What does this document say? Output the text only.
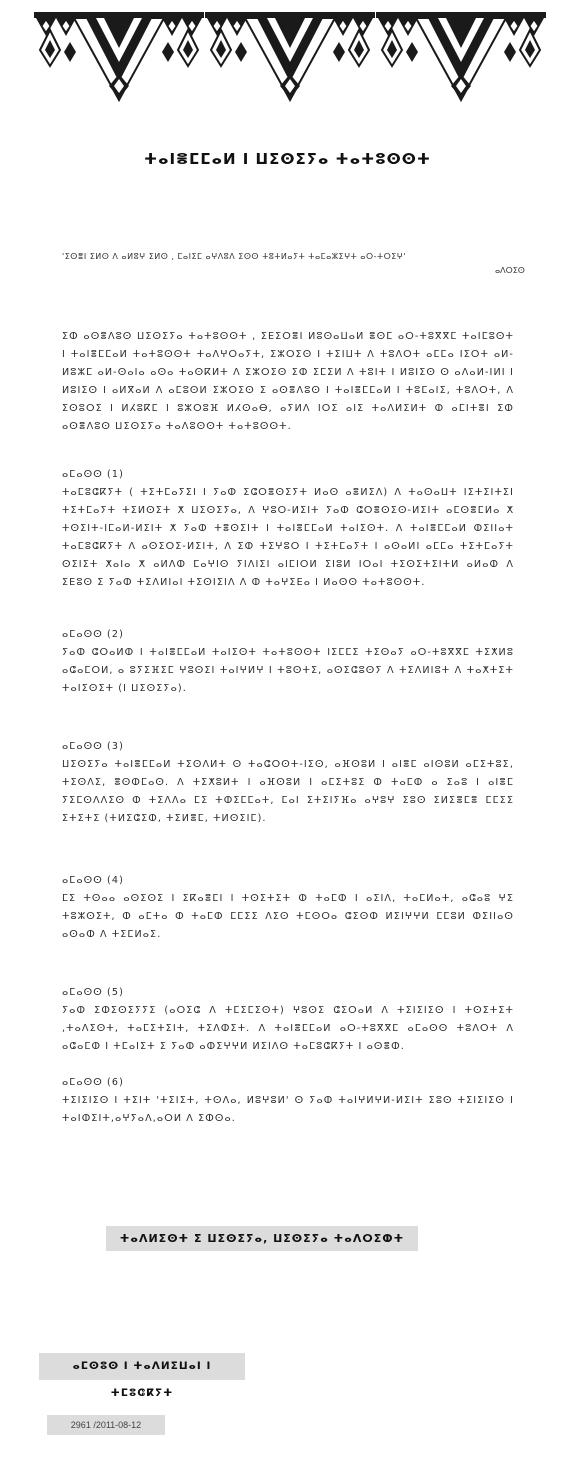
ⵜⴰⵏⴻⵎⵎⴰⵍ ⵏ ⵡⵉⵙⵉⵢⴰ ⵜⴰⵜⵓⵙⵙⵜ
'ⵉⵙⴻⵏ ⵉⵍⵙ ⴷ ⴰⵍⵓⵖ ⵉⵍⵙ , ⵎⴰⵏⵉⵎ ⴰⵖⴷⵓⴷ ⵉⵙⵙ ⵜⵓⵜⵍⴰⵢⵜ ⵜⴰⵎⴰⵣⵉⵖⵜ ⴰⵔ-ⵜⵔⵉⵖ'
ⴰⴷⵔⵉⵙ
ⵉⵀ ⴰⵙⴻⴷⵓⵙ ⵡⵉⵙⵉⵢⴰ ⵜⴰⵜⵓⵙⵙⵜ , ⵉⴹⵉⵔⴻⵏ ⵍⵓⵙⴰⵡⴰⵍ ⴻⵙⵎ ⴰⵔ-ⵜⵓⴳⴳⵎ ⵜⴰⵏⵎⵓⵙⵜ ⵏ ⵜⴰⵏⴻⵎⵎⴰⵍ ⵜⴰⵜⵓⵙⵙⵜ ⵜⴰⴷⵖⵔⴰⵢⵜ, ⵉⵣⵔⵉⵙ ⵏ ⵜⵉⵏⵡⵜ ⴷ ⵜⵓⴷⵔⵜ ⴰⵎⵎⴰ ⵏⵉⵔⵜ ⴰⵍ-ⵍⵓⵣⵎ ⴰⵍ-ⵙⴰⵏⴰ ⴰⵙⴰ ⵜⴰⵙⴽⵍⵜ ⴷ ⵉⵣⵔⵉⵙ ⵉⵀ ⵉⵎⵉⵍ ⴷ ⵜⵓⵏⵜ ⵏ ⵍⵓⵏⵉⵙ ⵙ ⴰⴷⴰⵍ-ⵏⵍⵏ ⵏ ⵍⵓⵏⵉⵙ ⵏ ⴰⵍⴳⴰⵍ ⴷ ⴰⵎⵓⵙⵍ ⵉⵣⵔⵉⵙ ⵉ ⴰⵙⴻⴷⵓⵙ ⵏ ⵜⴰⵏⴻⵎⵎⴰⵍ ⵏ ⵜⵓⵎⴰⵏⵉ, ⵜⵓⴷⵔⵜ, ⴷ ⵉⵙⵓⵔⵉ ⵏ ⵍⵃⵓⴽⵎ ⵏ ⵓⵣⵔⵓⴼ ⵍⵃⵙⴰⴱ, ⴰⵢⵍⴷ ⵏⵔⵉ ⴰⵏⵉ ⵜⴰⴷⵍⵉⵍⵜ ⵀ ⴰⵎⵏⵜⴻⵏ ⵉⵀ ⴰⵙⴻⴷⵓⵙ ⵡⵉⵙⵉⵢⴰ ⵜⴰⴷⵓⵙⵙⵜ ⵜⴰⵜⵓⵙⵙⵜ.
ⴰⵎⴰⵙⵙ (1)
ⵜⴰⵎⵓⵛⴽⵢⵜ ( ⵜⵉⵜⵎⴰⵢⵉⵏ ⵏ ⵢⴰⵀ ⵉⵛⵔⴻⵙⵉⵢⵜ ⵍⴰⵙ ⴰⴻⵍⵉⴷ) ⴷ ⵜⴰⵙⴰⵡⵜ ⵏⵉⵜⵉⵏⵜⵉⵏ ⵜⵉⵜⵎⴰⵢⵜ ⵜⵉⵍⵙⵉⵜ ⵅ ⵡⵉⵙⵉⵢⴰ, ⴷ ⵖⵓⵔ-ⵍⵉⵏⵜ ⵢⴰⵀ ⵛⵔⴻⵙⵉⵙ-ⵍⵉⵏⵜ ⴰⵎⵙⴻⵎⵍⴰ ⵅ ⵜⵙⵉⵏⵜ-ⵏⵎⴰⵍ-ⵍⵉⵏⵜ ⵅ ⵢⴰⵀ ⵜⴻⵙⵉⵏⵜ ⵏ ⵜⴰⵏⴻⵎⵎⴰⵍ ⵜⴰⵏⵉⵙⵜ. ⴷ ⵜⴰⵏⴻⵎⵎⴰⵍ ⵀⵉⵏⵏⴰⵜ ⵜⴰⵎⵓⵛⴽⵢⵜ ⴷ ⴰⵙⵉⵔⵉ-ⵍⵉⵏⵜ, ⴷ ⵉⵀ ⵜⵉⵖⵓⵔ ⵏ ⵜⵉⵜⵎⴰⵢⵜ ⵏ ⴰⵙⴰⵍⵏ ⴰⵎⵎⴰ ⵜⵉⵜⵎⴰⵢⵜ ⵙⵉⵏⵉⵜ ⵅⴰⵏⴰ ⵅ ⴰⵍⴷⵀ ⵎⴰⵖⵏⵙ ⵢⵏⴷⵏⵉⵏ ⴰⵏⵎⵏⵔⵍ ⵉⵏⵓⵍ ⵏⵔⴰⵏ ⵜⵉⵙⵉⵜⵉⵏⵜⵍ ⴰⵍⴰⵀ ⴷ ⵉⴹⵓⵙ ⵉ ⵢⴰⵀ ⵜⵉⴷⵍⵏⴰⵏ ⵜⵉⵙⵏⵉⵏⴷ ⴷ ⵀ ⵜⴰⵖⵉⴹⴰ ⵏ ⵍⴰⵙⵙ ⵜⴰⵜⵓⵙⵙⵜ.
ⴰⵎⴰⵙⵙ (2)
ⵢⴰⵀ ⵛⵔⴰⵍⵀ ⵏ ⵜⴰⵏⴻⵎⵎⴰⵍ ⵜⴰⵏⵉⵙⵜ ⵜⴰⵜⵓⵙⵙⵜ ⵏⵉⵎⵎⵉ ⵜⵉⵙⴰⵢ ⴰⵔ-ⵜⵓⴳⴳⵎ ⵜⵉⵅⵍⵓ ⴰⵛⴰⵎⵔⵍ, ⴰ ⵓⵢⵉⴼⵉⵎ ⵖⵓⵙⵉⵏ ⵜⴰⵏⵖⵍⵖ ⵏ ⵜⵓⵙⵜⵉ, ⴰⵙⵉⵛⵓⵙⵢ ⴷ ⵜⵉⴷⵍⵏⵓⵜ ⴷ ⵜⴰⵅⵜⵉⵜ ⵜⴰⵏⵉⵙⵉⵜ (ⵏ ⵡⵉⵙⵉⵢⴰ).
ⴰⵎⴰⵙⵙ (3)
ⵡⵉⵙⵉⵢⴰ ⵜⴰⵏⴻⵎⵎⴰⵍ ⵜⵉⵙⴷⵍⵜ ⵙ ⵜⴰⵛⵔⵙⵜ-ⵏⵉⵙ, ⴰⴼⵙⵓⵍ ⵏ ⴰⵏⴻⵎ ⴰⵏⵙⵓⵍ ⴰⵎⵉⵜⵓⵉ, ⵜⵉⵙⴷⵉ, ⴻⵙⵀⵎⴰⵙ. ⴷ ⵜⵉⵅⵓⵍⵜ ⵏ ⴰⴼⵙⵓⵍ ⵏ ⴰⵎⵉⵜⵓⵉ ⵀ ⵜⴰⵎⵀ ⴰ ⵉⴰⵓ ⵏ ⴰⵏⴻⵎ ⵢⵉⵎⵙⴷⴷⵉⵙ ⵀ ⵜⵉⴷⴷⴰ ⵎⵉ ⵜⵀⵉⵎⵎⴰⵜ, ⵎⴰⵏ ⵉⵜⵉⵏⵢⴼⴰ ⴰⵖⵓⵖ ⵉⵓⵙ ⵉⵍⵉⴻⵎⴻ ⵎⵎⵉⵉ ⵉⵜⵉⵜⵉ (ⵜⵍⵉⵛⵉⵀ, ⵜⵉⵍⴻⵎ, ⵜⵍⵙⵉⵏⵎ).
ⴰⵎⴰⵙⵙ (4)
ⵎⵉ ⵜⵙⴰⴰ ⴰⵙⵉⵙⵉ ⵏ ⵉⴽⴰⴻⵎⵏ ⵏ ⵜⵙⵉⵜⵉⵜ ⵀ ⵜⴰⵎⵀ ⵏ ⴰⵉⵏⴷ, ⵜⴰⵎⵍⴰⵜ, ⴰⵛⴰⵓ ⵖⵉ ⵜⵓⵣⵙⵉⵜ, ⵀ ⴰⵎⵜⴰ ⵀ ⵜⴰⵎⵀ ⵎⵎⵉⵉ ⴷⵉⵙ ⵜⵎⵙⵔⴰ ⵛⵉⵙⵀ ⵍⵉⵏⵖⵖⵍ ⵎⵎⵓⵍ ⵀⵉⵏⵏⴰⵙ ⴰⵙⴰⵀ ⴷ ⵜⵉⵎⵍⴰⵉ.
ⴰⵎⴰⵙⵙ (5)
ⵢⴰⵀ ⵉⵀⵉⵙⵉⵢⵢⵉ (ⴰⵔⵉⵛ ⴷ ⵜⵎⵉⵎⵉⵙⵜ) ⵖⵓⵙⵉ ⵛⵉⵔⴰⵍ ⴷ ⵜⵉⵏⵉⵏⵉⵙ ⵏ ⵜⵙⵉⵜⵉⵜ ,ⵜⴰⴷⵉⵙⵜ, ⵜⴰⵎⵉⵜⵉⵏⵜ, ⵜⵉⴷⵀⵉⵜ. ⴷ ⵜⴰⵏⴻⵎⵎⴰⵍ ⴰⵔ-ⵜⵓⴳⴳⵎ ⴰⵎⴰⵙⵙ ⵜⵓⴷⵔⵜ ⴷ ⴰⵛⴰⵎⵀ ⵏ ⵜⵎⴰⵏⵉⵜ ⵉ ⵢⴰⵀ ⴰⵀⵉⵖⵖⵍ ⵍⵉⵏⴷⵙ ⵜⴰⵎⵓⵛⴽⵢⵜ ⵏ ⴰⵙⴻⵀ.
ⴰⵎⴰⵙⵙ (6)
ⵜⵉⵏⵉⵏⵉⵙ ⵏ ⵜⵉⵏⵜ 'ⵜⵉⵏⵉⵜ, ⵜⵙⴷⴰ, ⵍⵓⵖⵓⵍ' ⵙ ⵢⴰⵀ ⵜⴰⵏⵖⵍⵖⵍ-ⵍⵉⵏⵜ ⵉⵓⵙ ⵜⵉⵏⵉⵏⵉⵙ ⵏ ⵜⴰⵏⵀⵉⵏⵜ,ⴰⵖⵢⴰⴷ,ⴰⵔⵍ ⴷ ⵉⵀⵙⴰ.
ⵜⴰⴷⵍⵉⵙⵜ ⵉ ⵡⵉⵙⵉⵢⴰ, ⵡⵉⵙⵉⵢⴰ ⵜⴰⴷⵔⵉⵀⵜ
ⴰⵎⵙⵓⵙ ⵏ ⵜⴰⴷⵍⵉⵡⴰⵏ ⵏ ⵜⵎⵓⵛⴽⵢⵜ
2961 /2011-08-12
